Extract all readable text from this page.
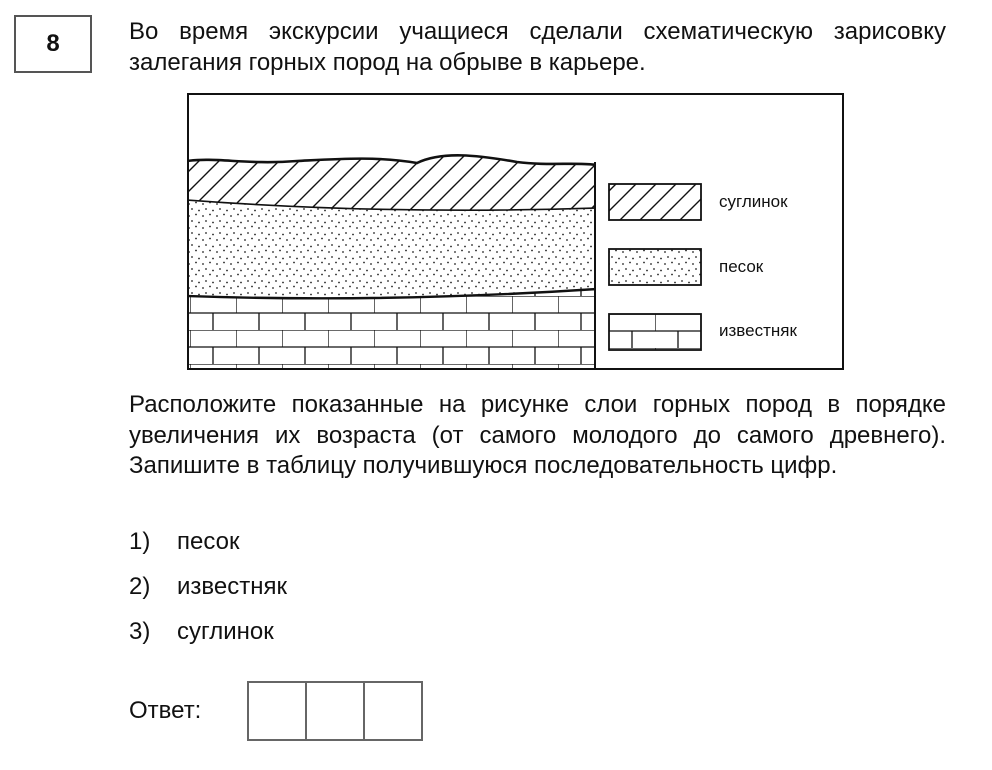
8	Во время экскурсии учащиеся сделали схематическую зарисовку залегания горных пород на обрыве в карьере.

суглинок
песок
известняк

Расположите показанные на рисунке слои горных пород в порядке увеличения их возраста (от самого молодого до самого древнего). Запишите в таблицу получившуюся последовательность цифр.

1)	песок
2)	известняк
3)	суглинок
Ответ:
